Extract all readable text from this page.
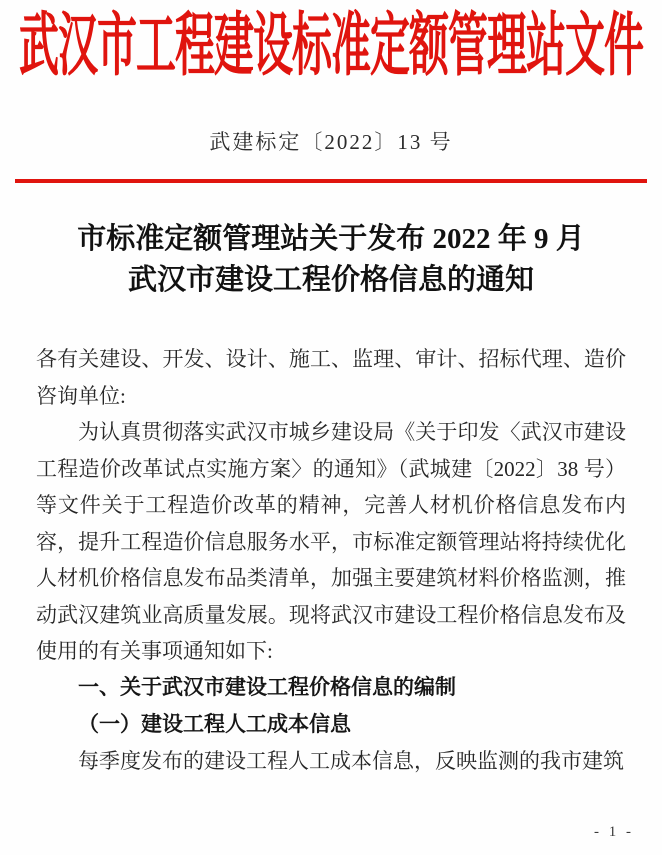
武汉市工程建设标准定额管理站文件
武建标定〔2022〕13 号
市标准定额管理站关于发布 2022 年 9 月
武汉市建设工程价格信息的通知

各有关建设、开发、设计、施工、监理、审计、招标代理、造价咨询单位:

为认真贯彻落实武汉市城乡建设局《关于印发〈武汉市建设工程造价改革试点实施方案〉的通知》（武城建〔2022〕38 号）等文件关于工程造价改革的精神，完善人材机价格信息发布内容，提升工程造价信息服务水平，市标准定额管理站将持续优化人材机价格信息发布品类清单，加强主要建筑材料价格监测，推动武汉建筑业高质量发展。现将武汉市建设工程价格信息发布及使用的有关事项通知如下:

一、关于武汉市建设工程价格信息的编制

（一）建设工程人工成本信息

每季度发布的建设工程人工成本信息，反映监测的我市建筑

- 1 -
